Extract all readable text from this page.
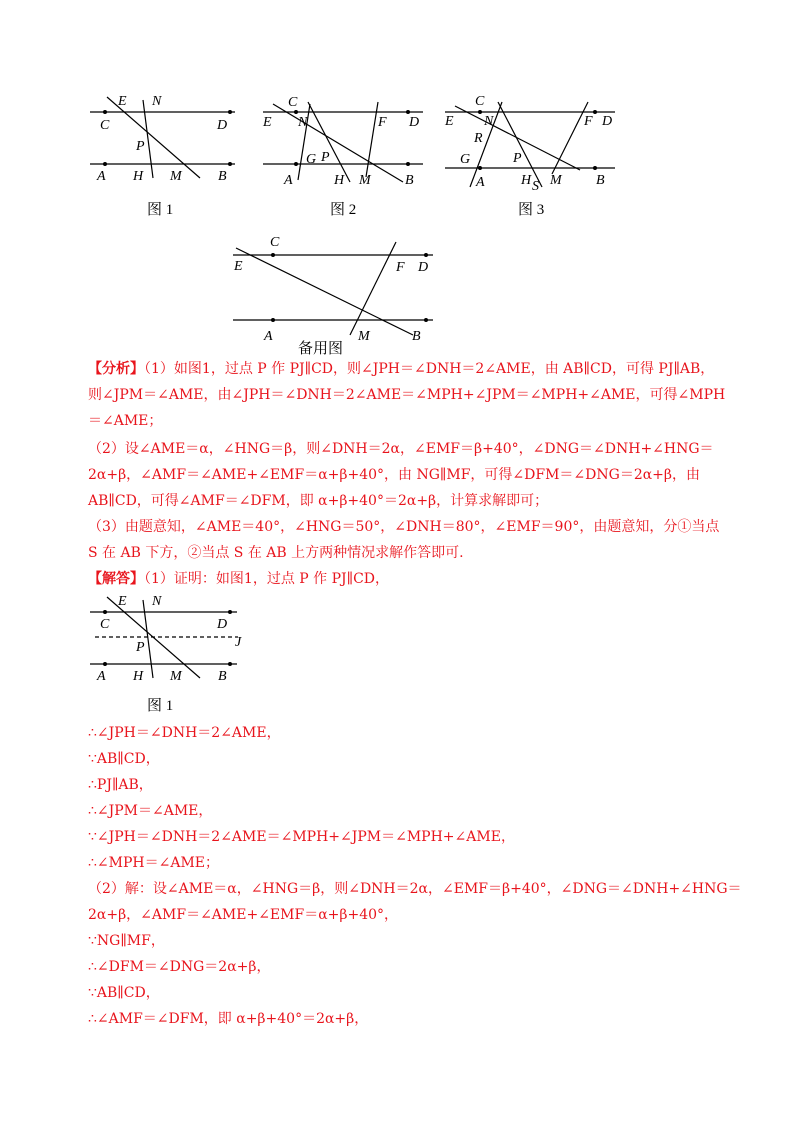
E N
C	D
P
A H M	B
图 1
C
E N	F D
G P
A	H M B
图 2
C
E N	F D
R
G	P
A	H S M B
图 3
C
E	F D
A	M	B
备用图
【分析】（1）如图1，过点 P 作 PJ∥CD，则∠JPH＝∠DNH＝2∠AME，由 AB∥CD，可得 PJ∥AB，则∠JPM＝∠AME，由∠JPH＝∠DNH＝2∠AME＝∠MPH+∠JPM＝∠MPH+∠AME，可得∠MPH＝∠AME；
（2）设∠AME＝α，∠HNG＝β，则∠DNH＝2α，∠EMF＝β+40°，∠DNG＝∠DNH+∠HNG＝2α+β，∠AMF＝∠AME+∠EMF＝α+β+40°，由 NG∥MF，可得∠DFM＝∠DNG＝2α+β，由 AB∥CD，可得∠AMF＝∠DFM，即 α+β+40°＝2α+β，计算求解即可；
（3）由题意知，∠AME＝40°，∠HNG＝50°，∠DNH＝80°，∠EMF＝90°，由题意知，分①当点 S 在 AB 下方，②当点 S 在 AB 上方两种情况求解作答即可.
【解答】（1）证明：如图1，过点 P 作 PJ∥CD，
E N
C	D
J
P
A H M	B
图 1
∴∠JPH＝∠DNH＝2∠AME，
∵AB∥CD，
∴PJ∥AB，
∴∠JPM＝∠AME，
∵∠JPH＝∠DNH＝2∠AME＝∠MPH+∠JPM＝∠MPH+∠AME，
∴∠MPH＝∠AME；
（2）解：设∠AME＝α，∠HNG＝β，则∠DNH＝2α，∠EMF＝β+40°，∠DNG＝∠DNH+∠HNG＝
2α+β，∠AMF＝∠AME+∠EMF＝α+β+40°，
∵NG∥MF，
∴∠DFM＝∠DNG＝2α+β，
∵AB∥CD，
∴∠AMF＝∠DFM，即 α+β+40°＝2α+β，
